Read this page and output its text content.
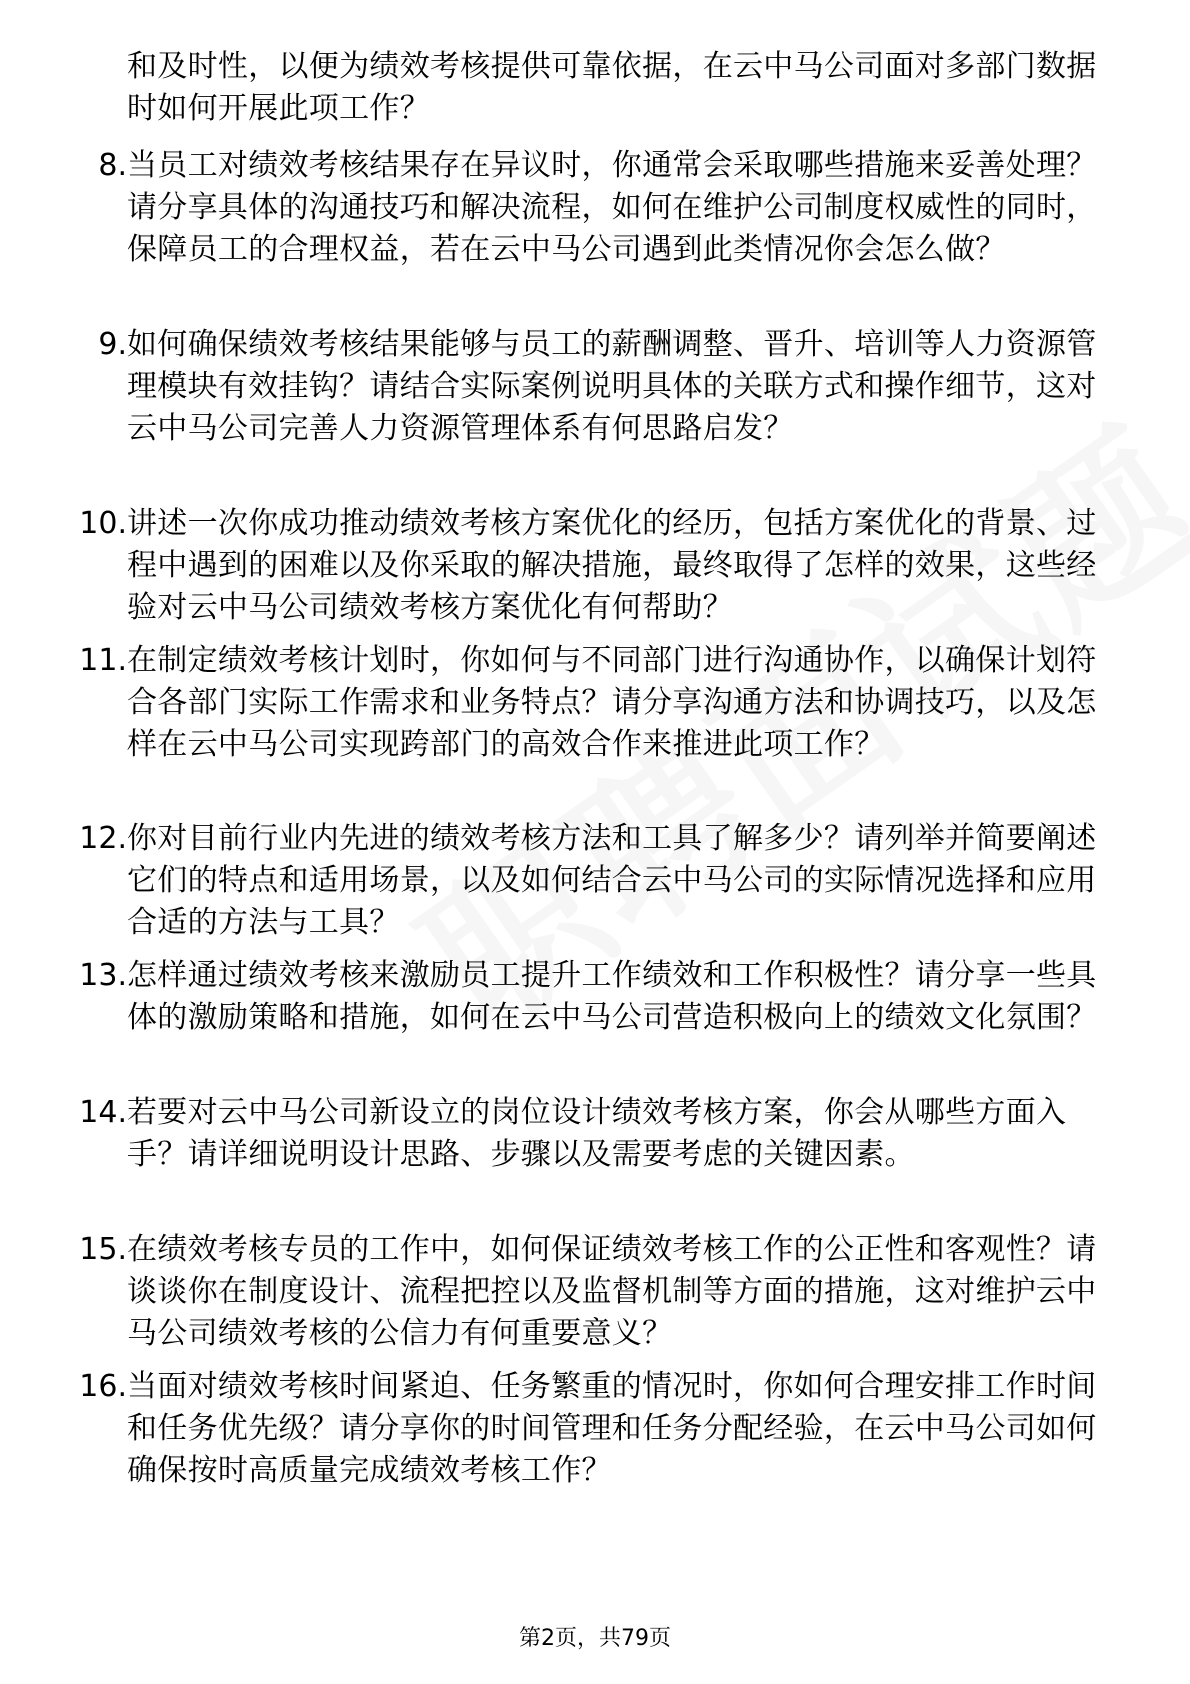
和及时性，以便为绩效考核提供可靠依据，在云中马公司面对多部门数据时如何开展此项工作？
8. 当员工对绩效考核结果存在异议时，你通常会采取哪些措施来妥善处理？请分享具体的沟通技巧和解决流程，如何在维护公司制度权威性的同时，保障员工的合理权益，若在云中马公司遇到此类情况你会怎么做？
9. 如何确保绩效考核结果能够与员工的薪酬调整、晋升、培训等人力资源管理模块有效挂钩？请结合实际案例说明具体的关联方式和操作细节，这对云中马公司完善人力资源管理体系有何思路启发？
10. 讲述一次你成功推动绩效考核方案优化的经历，包括方案优化的背景、过程中遇到的困难以及你采取的解决措施，最终取得了怎样的效果，这些经验对云中马公司绩效考核方案优化有何帮助？
11. 在制定绩效考核计划时，你如何与不同部门进行沟通协作，以确保计划符合各部门实际工作需求和业务特点？请分享沟通方法和协调技巧，以及怎样在云中马公司实现跨部门的高效合作来推进此项工作？
12. 你对目前行业内先进的绩效考核方法和工具了解多少？请列举并简要阐述它们的特点和适用场景，以及如何结合云中马公司的实际情况选择和应用合适的方法与工具？
13. 怎样通过绩效考核来激励员工提升工作绩效和工作积极性？请分享一些具体的激励策略和措施，如何在云中马公司营造积极向上的绩效文化氛围？
14. 若要对云中马公司新设立的岗位设计绩效考核方案，你会从哪些方面入手？请详细说明设计思路、步骤以及需要考虑的关键因素。
15. 在绩效考核专员的工作中，如何保证绩效考核工作的公正性和客观性？请谈谈你在制度设计、流程把控以及监督机制等方面的措施，这对维护云中马公司绩效考核的公信力有何重要意义？
16. 当面对绩效考核时间紧迫、任务繁重的情况时，你如何合理安排工作时间和任务优先级？请分享你的时间管理和任务分配经验，在云中马公司如何确保按时高质量完成绩效考核工作？
第2页，共79页
